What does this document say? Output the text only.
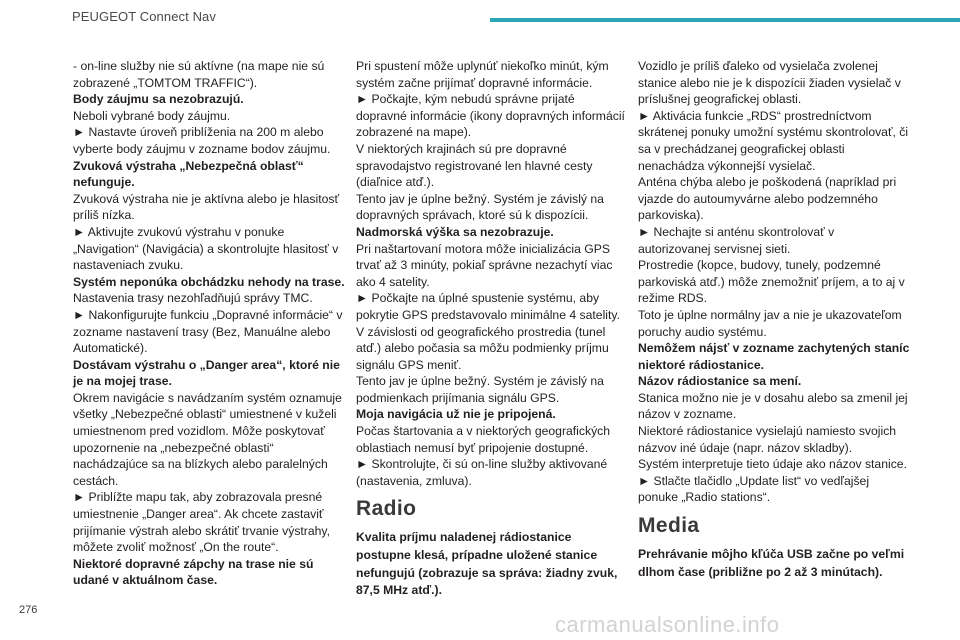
PEUGEOT Connect Nav

- on-line služby nie sú aktívne (na mape nie sú zobrazené „TOMTOM TRAFFIC“).

Body záujmu sa nezobrazujú.

Neboli vybrané body záujmu.

► Nastavte úroveň priblíženia na 200 m alebo vyberte body záujmu v zozname bodov záujmu.

Zvuková výstraha „Nebezpečná oblasť“ nefunguje.

Zvuková výstraha nie je aktívna alebo je hlasitosť príliš nízka.

► Aktivujte zvukovú výstrahu v ponuke „Navigation“ (Navigácia) a skontrolujte hlasitosť v nastaveniach zvuku.

Systém neponúka obchádzku nehody na trase.

Nastavenia trasy nezohľadňujú správy TMC.

► Nakonfigurujte funkciu „Dopravné informácie“ v zozname nastavení trasy (Bez, Manuálne alebo Automatické).

Dostávam výstrahu o „Danger area“, ktoré nie je na mojej trase.

Okrem navigácie s navádzaním systém oznamuje všetky „Nebezpečné oblasti“ umiestnené v kuželi umiestnenom pred vozidlom. Môže poskytovať upozornenie na „nebezpečné oblasti“ nachádzajúce sa na blízkych alebo paralelných cestách.

► Priblížte mapu tak, aby zobrazovala presné umiestnenie „Danger area“. Ak chcete zastaviť prijímanie výstrah alebo skrátiť trvanie výstrahy, môžete zvoliť možnosť „On the route“.

Niektoré dopravné zápchy na trase nie sú udané v aktuálnom čase.

Pri spustení môže uplynúť niekoľko minút, kým systém začne prijímať dopravné informácie.

► Počkajte, kým nebudú správne prijaté dopravné informácie (ikony dopravných informácií zobrazené na mape).

V niektorých krajinách sú pre dopravné spravodajstvo registrované len hlavné cesty (diaľnice atď.).

Tento jav je úplne bežný. Systém je závislý na dopravných správach, ktoré sú k dispozícii.

Nadmorská výška sa nezobrazuje.

Pri naštartovaní motora môže inicializácia GPS trvať až 3 minúty, pokiaľ správne nezachytí viac ako 4 satelity.

► Počkajte na úplné spustenie systému, aby pokrytie GPS predstavovalo minimálne 4 satelity.

V závislosti od geografického prostredia (tunel atď.) alebo počasia sa môžu podmienky príjmu signálu GPS meniť.

Tento jav je úplne bežný. Systém je závislý na podmienkach prijímania signálu GPS.

Moja navigácia už nie je pripojená.

Počas štartovania a v niektorých geografických oblastiach nemusí byť pripojenie dostupné.

► Skontrolujte, či sú on-line služby aktivované (nastavenia, zmluva).

Radio

Kvalita príjmu naladenej rádiostanice postupne klesá, prípadne uložené stanice nefungujú (zobrazuje sa správa: žiadny zvuk, 87,5 MHz atď.).

Vozidlo je príliš ďaleko od vysielača zvolenej stanice alebo nie je k dispozícii žiaden vysielač v príslušnej geografickej oblasti.

► Aktivácia funkcie „RDS“ prostredníctvom skrátenej ponuky umožní systému skontrolovať, či sa v prechádzanej geografickej oblasti nenachádza výkonnejší vysielač.

Anténa chýba alebo je poškodená (napríklad pri vjazde do autoumyvárne alebo podzemného parkoviska).

► Nechajte si anténu skontrolovať v autorizovanej servisnej sieti.

Prostredie (kopce, budovy, tunely, podzemné parkoviská atď.) môže znemožniť príjem, a to aj v režime RDS.

Toto je úplne normálny jav a nie je ukazovateľom poruchy audio systému.

Nemôžem nájsť v zozname zachytených staníc niektoré rádiostanice.

Názov rádiostanice sa mení.

Stanica možno nie je v dosahu alebo sa zmenil jej názov v zozname.

Niektoré rádiostanice vysielajú namiesto svojich názvov iné údaje (napr. názov skladby).

Systém interpretuje tieto údaje ako názov stanice.

► Stlačte tlačidlo „Update list“ vo vedľajšej ponuke „Radio stations“.

Media

Prehrávanie môjho kľúča USB začne po veľmi dlhom čase (približne po 2 až 3 minútach).

276
carmanualsonline.info
